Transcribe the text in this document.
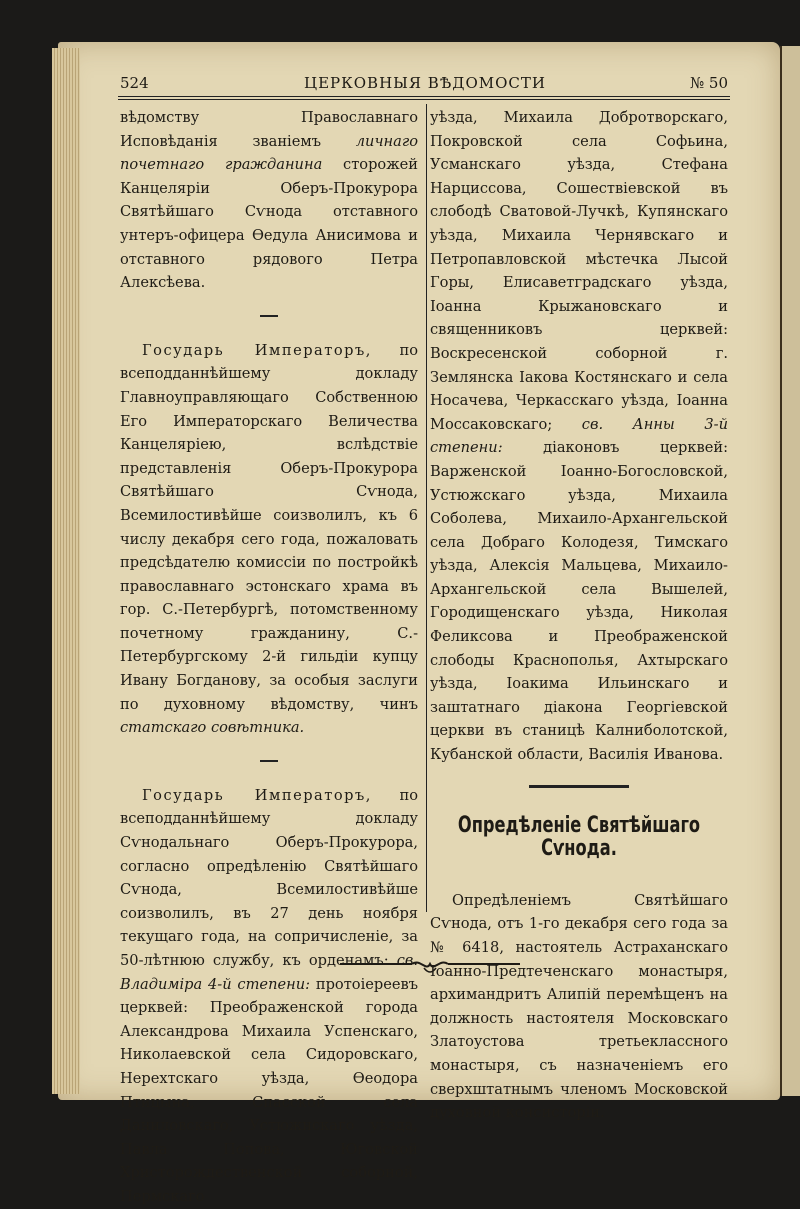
524	ЦЕРКОВНЫЯ ВѢДОМОСТИ	№ 50

вѣдомству Православнаго Исповѣданія званіемъ личнаго почетнаго гражданина сторожей Канцеляріи Оберъ-Прокурора Святѣйшаго Сѵнода отставного унтеръ-офицера Ѳедула Анисимова и отставного рядового Петра Алексѣева.

Государь Императоръ, по всеподданнѣйшему докладу Главноуправляющаго Собственною Его Императорскаго Величества Канцеляріею, вслѣдствіе представленія Оберъ-Прокурора Святѣйшаго Сѵнода, Всемилостивѣйше соизволилъ, къ 6 числу декабря сего года, пожаловать предсѣдателю комиссіи по постройкѣ православнаго эстонскаго храма въ гор. С.-Петербургѣ, потомственному почетному гражданину, С.-Петербургскому 2-й гильдіи купцу Ивану Богданову, за особыя заслуги по духовному вѣдомству, чинъ статскаго совѣтника.

Государь Императоръ, по всеподданнѣйшему докладу Сѵнодальнаго Оберъ-Прокурора, согласно опредѣленію Святѣйшаго Сѵнода, Всемилостивѣйше соизволилъ, въ 27 день ноября текущаго года, на сопричисленіе, за 50-лѣтнюю службу, къ орденамъ: св. Владиміра 4-й степени: протоіереевъ церквей: Преображенской города Александрова Михаила Успенскаго, Николаевской села Сидоровскаго, Нерехтскаго уѣзда, Ѳеодора Птицына, Спасской села Даниловскаго, Устюжнскаго уѣзда, Павла Попова, Юговской Христорождественской соборной, Пермскаго

уѣзда, Михаила Добротворскаго, Покровской села Софьина, Усманскаго уѣзда, Стефана Нарциссова, Сошествіевской въ слободѣ Сватовой-Лучкѣ, Купянскаго уѣзда, Михаила Чернявскаго и Петропавловской мѣстечка Лысой Горы, Елисаветградскаго уѣзда, Іоанна Крыжановскаго и священниковъ церквей: Воскресенской соборной г. Землянска Іакова Костянскаго и села Носачева, Черкасскаго уѣзда, Іоанна Моссаковскаго; св. Анны 3-й степени: діаконовъ церквей: Варженской Іоанно-Богословской, Устюжскаго уѣзда, Михаила Соболева, Михаило-Архангельской села Добраго Колодезя, Тимскаго уѣзда, Алексія Мальцева, Михаило-Архангельской села Вышелей, Городищенскаго уѣзда, Николая Феликсова и Преображенской слободы Краснополья, Ахтырскаго уѣзда, Іоакима Ильинскаго и заштатнаго діакона Георгіевской церкви въ станицѣ Калниболотской, Кубанской области, Василія Иванова.

Опредѣленіе Святѣйшаго Сѵнода.

Опредѣленіемъ Святѣйшаго Сѵнода, отъ 1-го декабря сего года за № 6418, настоятель Астраханскаго Іоанно-Предтеченскаго монастыря, архимандритъ Алипій перемѣщенъ на должность настоятеля Московскаго Златоустова третьеклассного монастыря, съ назначеніемъ его сверхштатнымъ членомъ Московской духовной консисторіи.
